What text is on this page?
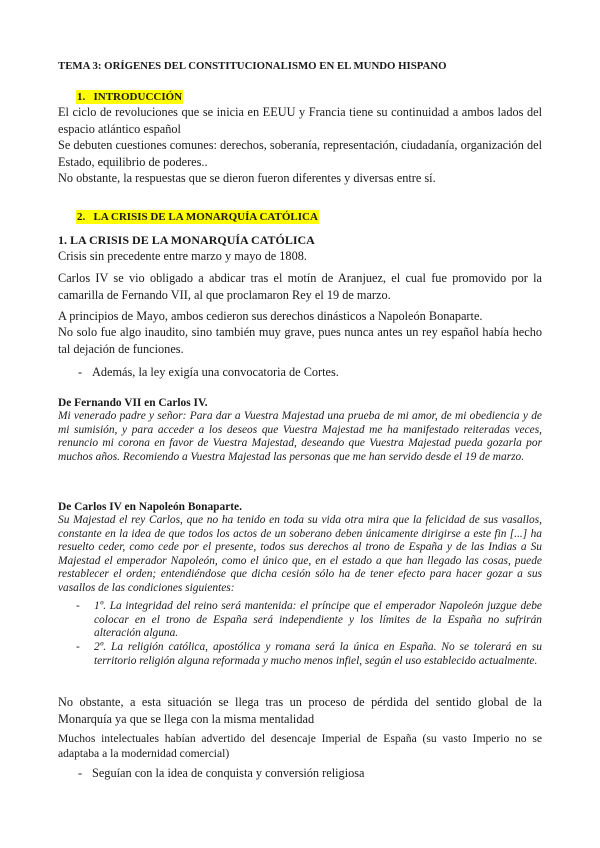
TEMA 3: ORÍGENES DEL CONSTITUCIONALISMO EN EL MUNDO HISPANO
1. INTRODUCCIÓN

El ciclo de revoluciones que se inicia en EEUU y Francia tiene su continuidad a ambos lados del espacio atlántico español

Se debuten cuestiones comunes: derechos, soberanía, representación, ciudadanía, organización del Estado, equilibrio de poderes..

No obstante, la respuestas que se dieron fueron diferentes y diversas entre sí.

2. LA CRISIS DE LA MONARQUÍA CATÓLICA
1. LA CRISIS DE LA MONARQUÍA CATÓLICA
Crisis sin precedente entre marzo y mayo de 1808.
Carlos IV se vio obligado a abdicar tras el motín de Aranjuez, el cual fue promovido por la camarilla de Fernando VII, al que proclamaron Rey el 19 de marzo.
A principios de Mayo, ambos cedieron sus derechos dinásticos a Napoleón Bonaparte.
No solo fue algo inaudito, sino también muy grave, pues nunca antes un rey español había hecho tal dejación de funciones.
- Además, la ley exigía una convocatoria de Cortes.
De Fernando VII en Carlos IV.
Mi venerado padre y señor: Para dar a Vuestra Majestad una prueba de mi amor, de mi obediencia y de mi sumisión, y para acceder a los deseos que Vuestra Majestad me ha manifestado reiteradas veces, renuncio mi corona en favor de Vuestra Majestad, deseando que Vuestra Majestad pueda gozarla por muchos años. Recomiendo a Vuestra Majestad las personas que me han servido desde el 19 de marzo.
De Carlos IV en Napoleón Bonaparte.
Su Majestad el rey Carlos, que no ha tenido en toda su vida otra mira que la felicidad de sus vasallos, constante en la idea de que todos los actos de un soberano deben únicamente dirigirse a este fin [...] ha resuelto ceder, como cede por el presente, todos sus derechos al trono de España y de las Indias a Su Majestad el emperador Napoleón, como el único que, en el estado a que han llegado las cosas, puede restablecer el orden; entendiéndose que dicha cesión sólo ha de tener efecto para hacer gozar a sus vasallos de las condiciones siguientes:
- 1º. La integridad del reino será mantenida: el príncipe que el emperador Napoleón juzgue debe colocar en el trono de España será independiente y los límites de la España no sufrirán alteración alguna.
- 2º. La religión católica, apostólica y romana será la única en España. No se tolerará en su territorio religión alguna reformada y mucho menos infiel, según el uso establecido actualmente.
No obstante, a esta situación se llega tras un proceso de pérdida del sentido global de la Monarquía ya que se llega con la misma mentalidad
Muchos intelectuales habían advertido del desencaje Imperial de España (su vasto Imperio no se adaptaba a la modernidad comercial)
- Seguían con la idea de conquista y conversión religiosa
